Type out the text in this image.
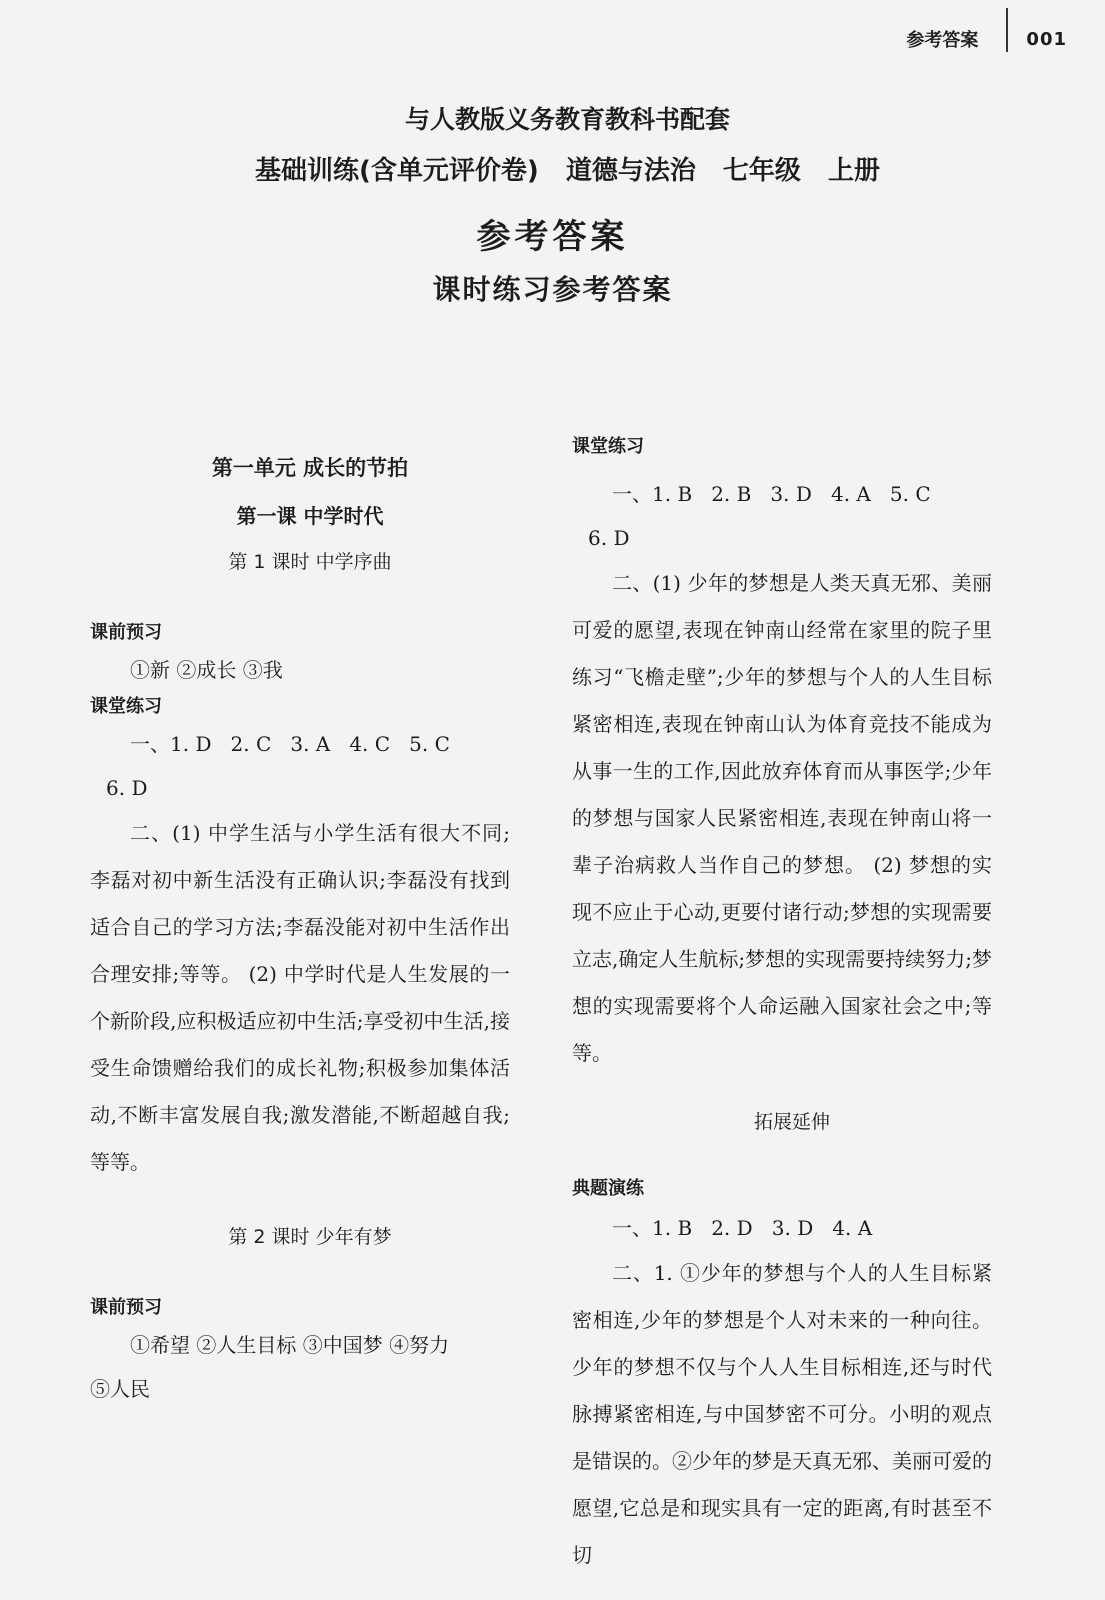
参考答案	001
与人教版义务教育教科书配套
基础训练(含单元评价卷) 道德与法治 七年级 上册
参考答案
课时练习参考答案
第一单元 成长的节拍
第一课 中学时代
第 1 课时 中学序曲
课前预习
①新 ②成长 ③我
课堂练习
一、1. D   2. C   3. A   4. C   5. C
6. D
二、(1) 中学生活与小学生活有很大不同;李磊对初中新生活没有正确认识;李磊没有找到适合自己的学习方法;李磊没能对初中生活作出合理安排;等等。 (2) 中学时代是人生发展的一个新阶段,应积极适应初中生活;享受初中生活,接受生命馈赠给我们的成长礼物;积极参加集体活动,不断丰富发展自我;激发潜能,不断超越自我;等等。
第 2 课时 少年有梦
课前预习
①希望 ②人生目标 ③中国梦 ④努力
⑤人民
课堂练习
一、1. B   2. B   3. D   4. A   5. C
6. D
二、(1) 少年的梦想是人类天真无邪、美丽可爱的愿望,表现在钟南山经常在家里的院子里练习“飞檐走壁”;少年的梦想与个人的人生目标紧密相连,表现在钟南山认为体育竞技不能成为从事一生的工作,因此放弃体育而从事医学;少年的梦想与国家人民紧密相连,表现在钟南山将一辈子治病救人当作自己的梦想。 (2) 梦想的实现不应止于心动,更要付诸行动;梦想的实现需要立志,确定人生航标;梦想的实现需要持续努力;梦想的实现需要将个人命运融入国家社会之中;等等。
拓展延伸
典题演练
一、1. B   2. D   3. D   4. A
二、1. ①少年的梦想与个人的人生目标紧密相连,少年的梦想是个人对未来的一种向往。少年的梦想不仅与个人人生目标相连,还与时代脉搏紧密相连,与中国梦密不可分。小明的观点是错误的。②少年的梦是天真无邪、美丽可爱的愿望,它总是和现实具有一定的距离,有时甚至不切
